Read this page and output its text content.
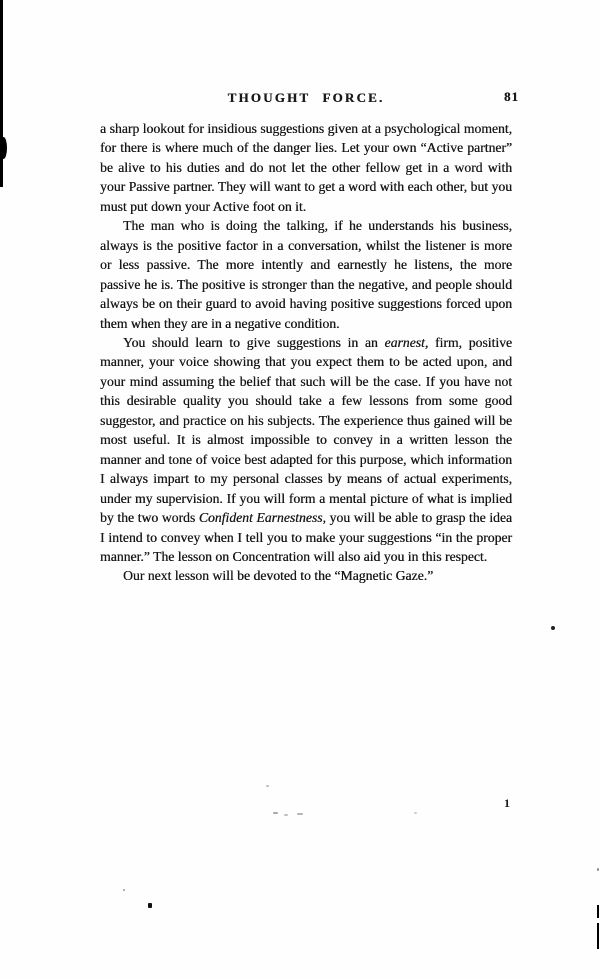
THOUGHT FORCE.	81

a sharp lookout for insidious suggestions given at a psychological moment, for there is where much of the danger lies. Let your own “Active partner” be alive to his duties and do not let the other fellow get in a word with your Passive partner. They will want to get a word with each other, but you must put down your Active foot on it.

The man who is doing the talking, if he understands his business, always is the positive factor in a conversation, whilst the listener is more or less passive. The more intently and earnestly he listens, the more passive he is. The positive is stronger than the negative, and people should always be on their guard to avoid having positive suggestions forced upon them when they are in a negative condition.

You should learn to give suggestions in an earnest, firm, positive manner, your voice showing that you expect them to be acted upon, and your mind assuming the belief that such will be the case. If you have not this desirable quality you should take a few lessons from some good suggestor, and practice on his subjects. The experience thus gained will be most useful. It is almost impossible to convey in a written lesson the manner and tone of voice best adapted for this purpose, which information I always impart to my personal classes by means of actual experiments, under my supervision. If you will form a mental picture of what is implied by the two words Confident Earnestness, you will be able to grasp the idea I intend to convey when I tell you to make your suggestions “in the proper manner.” The lesson on Concentration will also aid you in this respect.

Our next lesson will be devoted to the “Magnetic Gaze.”

1
